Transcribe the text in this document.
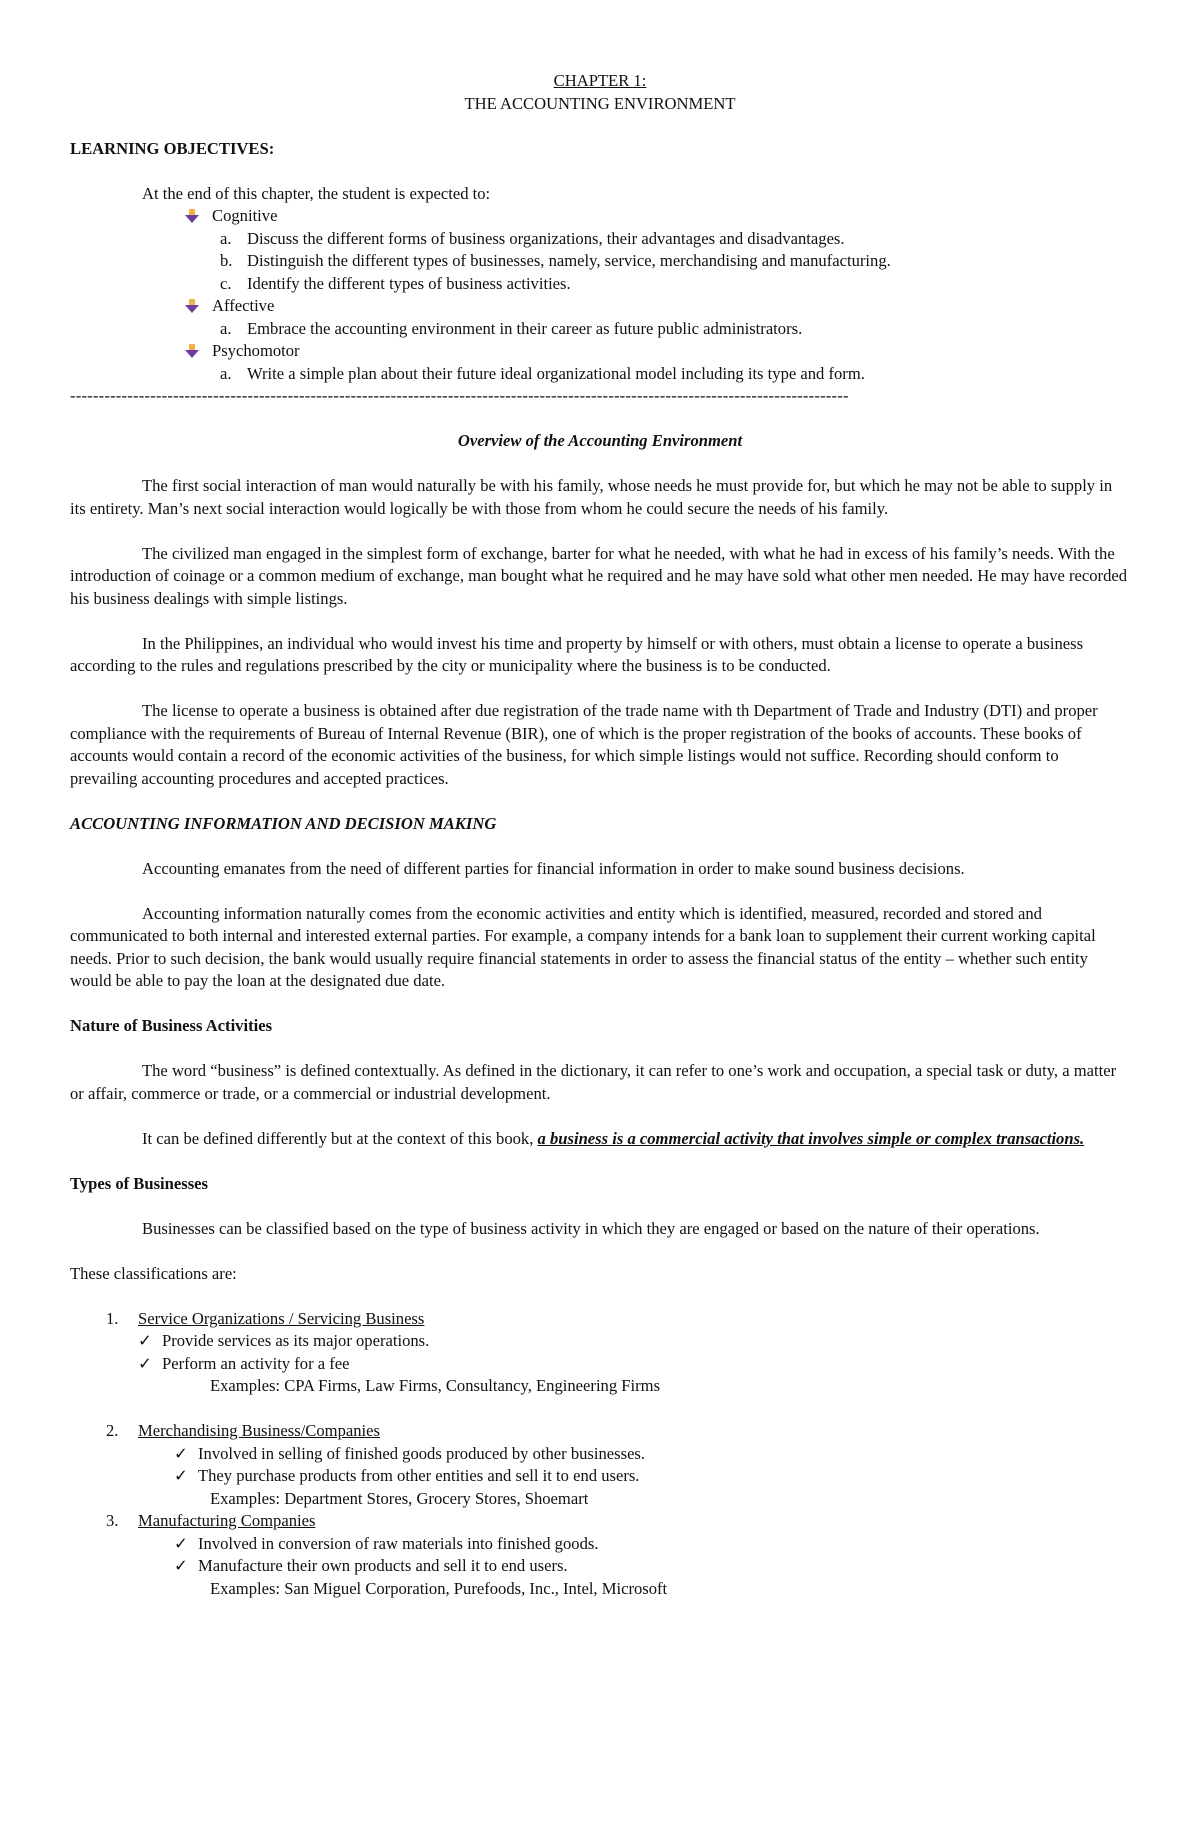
CHAPTER 1:
THE ACCOUNTING ENVIRONMENT
LEARNING OBJECTIVES:
At the end of this chapter, the student is expected to:
Cognitive
a. Discuss the different forms of business organizations, their advantages and disadvantages.
b. Distinguish the different types of businesses, namely, service, merchandising and manufacturing.
c. Identify the different types of business activities.
Affective
a. Embrace the accounting environment in their career as future public administrators.
Psychomotor
a. Write a simple plan about their future ideal organizational model including its type and form.
----------------------------------------------------------------------------------------------------------------------------------------
Overview of the Accounting Environment

The first social interaction of man would naturally be with his family, whose needs he must provide for, but which he may not be able to supply in its entirety. Man’s next social interaction would logically be with those from whom he could secure the needs of his family.

The civilized man engaged in the simplest form of exchange, barter for what he needed, with what he had in excess of his family’s needs. With the introduction of coinage or a common medium of exchange, man bought what he required and he may have sold what other men needed. He may have recorded his business dealings with simple listings.

In the Philippines, an individual who would invest his time and property by himself or with others, must obtain a license to operate a business according to the rules and regulations prescribed by the city or municipality where the business is to be conducted.

The license to operate a business is obtained after due registration of the trade name with th Department of Trade and Industry (DTI) and proper compliance with the requirements of Bureau of Internal Revenue (BIR), one of which is the proper registration of the books of accounts. These books of accounts would contain a record of the economic activities of the business, for which simple listings would not suffice. Recording should conform to prevailing accounting procedures and accepted practices.

ACCOUNTING INFORMATION AND DECISION MAKING

Accounting emanates from the need of different parties for financial information in order to make sound business decisions.

Accounting information naturally comes from the economic activities and entity which is identified, measured, recorded and stored and communicated to both internal and interested external parties. For example, a company intends for a bank loan to supplement their current working capital needs. Prior to such decision, the bank would usually require financial statements in order to assess the financial status of the entity – whether such entity would be able to pay the loan at the designated due date.

Nature of Business Activities

The word “business” is defined contextually. As defined in the dictionary, it can refer to one’s work and occupation, a special task or duty, a matter or affair, commerce or trade, or a commercial or industrial development.

It can be defined differently but at the context of this book, a business is a commercial activity that involves simple or complex transactions.

Types of Businesses

Businesses can be classified based on the type of business activity in which they are engaged or based on the nature of their operations.

These classifications are:
1.	Service Organizations / Servicing Business
✓ Provide services as its major operations.
✓ Perform an activity for a fee
Examples: CPA Firms, Law Firms, Consultancy, Engineering Firms
2.	Merchandising Business/Companies
✓ Involved in selling of finished goods produced by other businesses.
✓ They purchase products from other entities and sell it to end users.
Examples: Department Stores, Grocery Stores, Shoemart
3.	Manufacturing Companies
✓ Involved in conversion of raw materials into finished goods.
✓ Manufacture their own products and sell it to end users.
Examples: San Miguel Corporation, Purefoods, Inc., Intel, Microsoft
